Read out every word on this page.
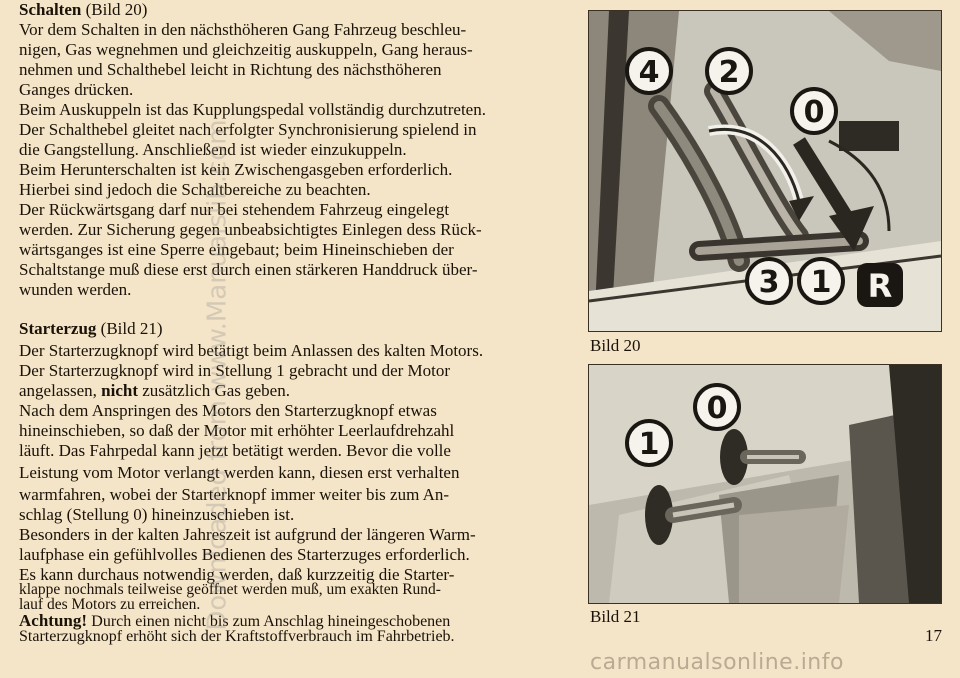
Schalten (Bild 20)
Vor dem Schalten in den nächsthöheren Gang Fahrzeug beschleu-
nigen, Gas wegnehmen und gleichzeitig auskuppeln, Gang heraus-
nehmen und Schalthebel leicht in Richtung des nächsthöheren
Ganges drücken.
Beim Auskuppeln ist das Kupplungspedal vollständig durchzutreten.
Der Schalthebel gleitet nach erfolgter Synchronisierung spielend in
die Gangstellung. Anschließend ist wieder einzukuppeln.
Beim Herunterschalten ist kein Zwischengasgeben erforderlich.
Hierbei sind jedoch die Schaltbereiche zu beachten.
Der Rückwärtsgang darf nur bei stehendem Fahrzeug eingelegt
werden. Zur Sicherung gegen unbeabsichtigtes Einlegen dess Rück-
wärtsganges ist eine Sperre eingebaut; beim Hineinschieben der
Schaltstange muß diese erst durch einen stärkeren Handdruck über-
wunden werden.
Starterzug (Bild 21)
Der Starterzugknopf wird betätigt beim Anlassen des kalten Motors.
Der Starterzugknopf wird in Stellung 1 gebracht und der Motor
angelassen, nicht zusätzlich Gas geben.
Nach dem Anspringen des Motors den Starterzugknopf etwas
hineinschieben, so daß der Motor mit erhöhter Leerlaufdrehzahl
läuft. Das Fahrpedal kann jetzt betätigt werden. Bevor die volle
Leistung vom Motor verlangt werden kann, diesen erst verhalten
warmfahren, wobei der Starterknopf immer weiter bis zum An-
schlag (Stellung 0) hineinzuschieben ist.
Besonders in der kalten Jahreszeit ist aufgrund der längeren Warm-
laufphase ein gefühlvolles Bedienen des Starterzuges erforderlich.
Es kann durchaus notwendig werden, daß kurzzeitig die Starter-
klappe nochmals teilweise geöffnet werden muß, um exakten Rund-
lauf des Motors zu erreichen.
Achtung! Durch einen nicht bis zum Anschlag hineingeschobenen
Starterzugknopf erhöht sich der Kraftstoffverbrauch im Fahrbetrieb.
4 2
0
3 1 R
Bild 20
1
0
Bild 21
17
carmanualsonline.info
Downloaded from www.Manualslib.com
